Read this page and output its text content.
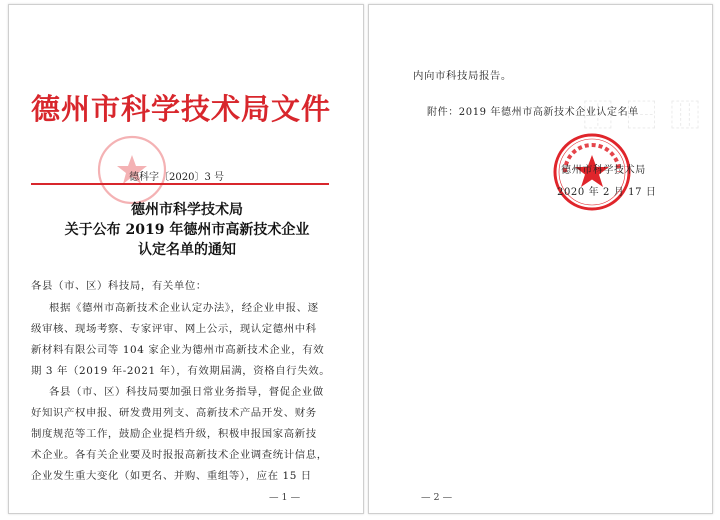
德州市科学技术局文件
德科字〔2020〕3 号
德州市科学技术局
关于公布 2019 年德州市高新技术企业
认定名单的通知
各县（市、区）科技局，有关单位：
根据《德州市高新技术企业认定办法》，经企业申报、逐
级审核、现场考察、专家评审、网上公示，现认定德州中科
新材料有限公司等 104 家企业为德州市高新技术企业，有效
期 3 年（2019 年-2021 年），有效期届满，资格自行失效。
各县（市、区）科技局要加强日常业务指导，督促企业做
好知识产权申报、研发费用列支、高新技术产品开发、财务
制度规范等工作，鼓励企业提档升级，积极申报国家高新技
术企业。各有关企业要及时报报高新技术企业调查统计信息，
企业发生重大变化（如更名、并购、重组等），应在 15 日
— 1 —
⿰ ⿱ ⿲
内向市科技局报告。
附件：2019 年德州市高新技术企业认定名单
德州市科学技术局
2020 年 2 月 17 日
— 2 —
